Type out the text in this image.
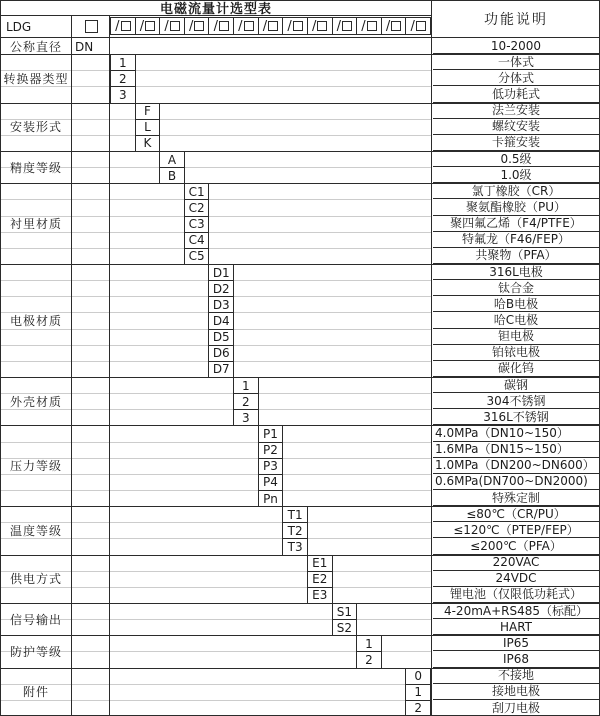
电磁流量计选型表
功能说明
LDG	/ / / / / / / / / / / / /
公称直径	DN	10-2000
转换器类型
1	一体式
2	分体式
3	低功耗式
安装形式
F	法兰安装
L	螺纹安装
K	卡箍安装
精度等级
A	0.5级
B	1.0级
衬里材质
C1	氯丁橡胶（CR）
C2	聚氨酯橡胶（PU）
C3	聚四氟乙烯（F4/PTFE）
C4	特氟龙（F46/FEP）
C5	共聚物（PFA）
电极材质
D1	316L电极
D2	钛合金
D3	哈B电极
D4	哈C电极
D5	钽电极
D6	铂铱电极
D7	碳化钨
外壳材质
1	碳钢
2	304不锈钢
3	316L不锈钢
压力等级
P1	4.0MPa（DN10~150）
P2	1.6MPa（DN15~150）
P3	1.0MPa（DN200~DN600）
P4	0.6MPa(DN700~DN2000)
Pn	特殊定制
温度等级
T1	≤80℃（CR/PU）
T2	≤120℃（PTEP/FEP）
T3	≤200℃（PFA）
供电方式
E1	220VAC
E2	24VDC
E3	锂电池（仅限低功耗式）
信号输出
S1	4-20mA+RS485（标配）
S2	HART
防护等级
1	IP65
2	IP68
附件
0	不接地
1	接地电极
2	刮刀电极
